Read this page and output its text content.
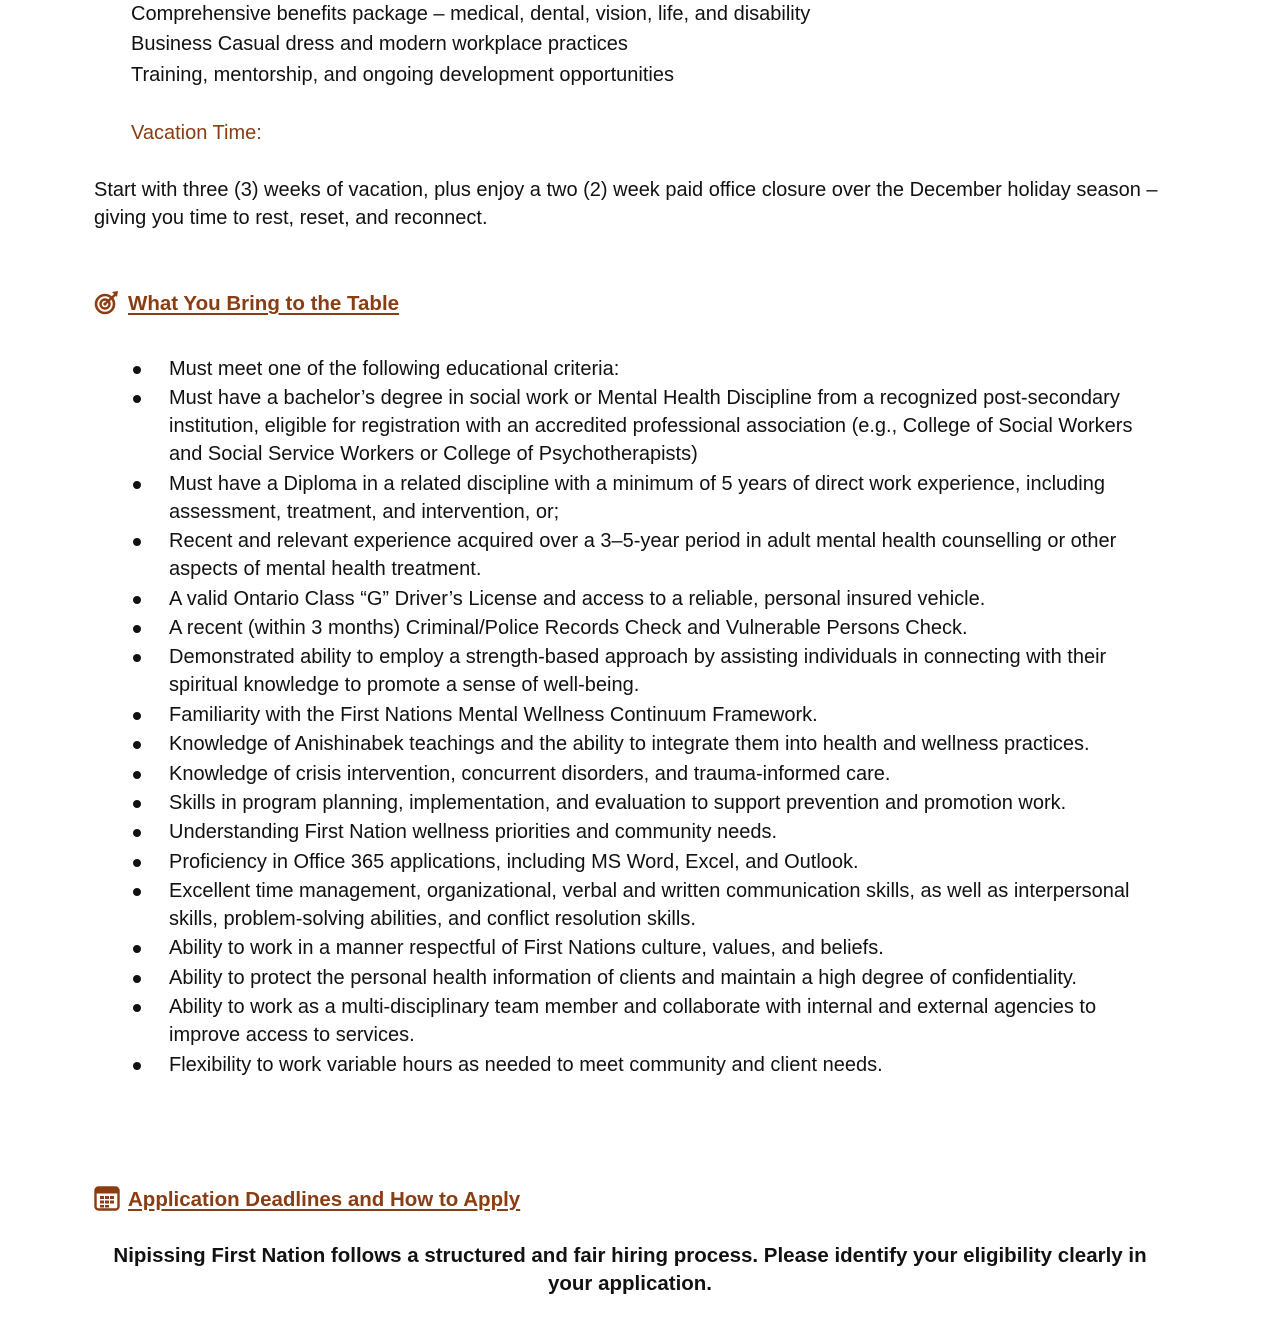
Comprehensive benefits package – medical, dental, vision, life, and disability
Business Casual dress and modern workplace practices
Training, mentorship, and ongoing development opportunities
Vacation Time:
Start with three (3) weeks of vacation, plus enjoy a two (2) week paid office closure over the December holiday season – giving you time to rest, reset, and reconnect.
What You Bring to the Table
Must meet one of the following educational criteria:
Must have a bachelor’s degree in social work or Mental Health Discipline from a recognized post-secondary institution, eligible for registration with an accredited professional association (e.g., College of Social Workers and Social Service Workers or College of Psychotherapists)
Must have a Diploma in a related discipline with a minimum of 5 years of direct work experience, including assessment, treatment, and intervention, or;
Recent and relevant experience acquired over a 3–5-year period in adult mental health counselling or other aspects of mental health treatment.
A valid Ontario Class “G” Driver’s License and access to a reliable, personal insured vehicle.
A recent (within 3 months) Criminal/Police Records Check and Vulnerable Persons Check.
Demonstrated ability to employ a strength-based approach by assisting individuals in connecting with their spiritual knowledge to promote a sense of well-being.
Familiarity with the First Nations Mental Wellness Continuum Framework.
Knowledge of Anishinabek teachings and the ability to integrate them into health and wellness practices.
Knowledge of crisis intervention, concurrent disorders, and trauma-informed care.
Skills in program planning, implementation, and evaluation to support prevention and promotion work.
Understanding First Nation wellness priorities and community needs.
Proficiency in Office 365 applications, including MS Word, Excel, and Outlook.
Excellent time management, organizational, verbal and written communication skills, as well as interpersonal skills, problem-solving abilities, and conflict resolution skills.
Ability to work in a manner respectful of First Nations culture, values, and beliefs.
Ability to protect the personal health information of clients and maintain a high degree of confidentiality.
Ability to work as a multi-disciplinary team member and collaborate with internal and external agencies to improve access to services.
Flexibility to work variable hours as needed to meet community and client needs.
Application Deadlines and How to Apply
Nipissing First Nation follows a structured and fair hiring process. Please identify your eligibility clearly in your application.
